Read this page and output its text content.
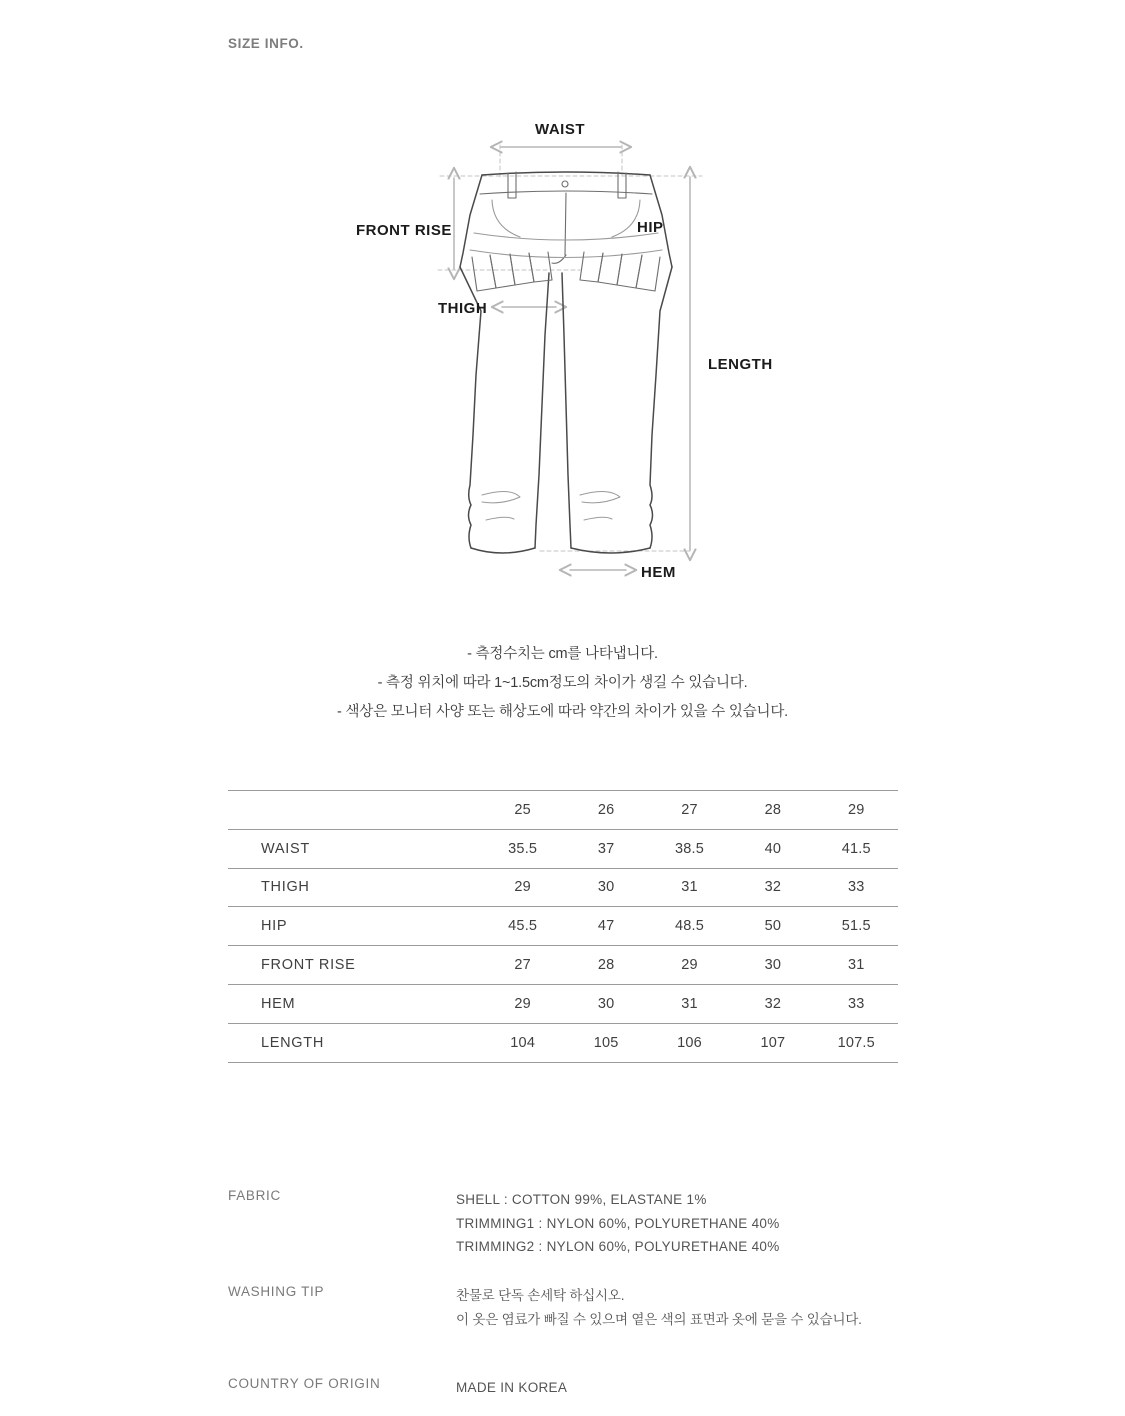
SIZE INFO.
WAIST
FRONT RISE	HIP
THIGH
LENGTH
HEM
- 측정수치는 cm를 나타냅니다.
- 측정 위치에 따라 1~1.5cm정도의 차이가 생길 수 있습니다.
- 색상은 모니터 사양 또는 해상도에 따라 약간의 차이가 있을 수 있습니다.
	25	26	27	28	29
WAIST	35.5	37	38.5	40	41.5
THIGH	29	30	31	32	33
HIP	45.5	47	48.5	50	51.5
FRONT RISE	27	28	29	30	31
HEM	29	30	31	32	33
LENGTH	104	105	106	107	107.5
FABRIC	SHELL : COTTON 99%, ELASTANE 1%
TRIMMING1 : NYLON 60%, POLYURETHANE 40%
TRIMMING2 : NYLON 60%, POLYURETHANE 40%
WASHING TIP	찬물로 단독 손세탁 하십시오.
이 옷은 염료가 빠질 수 있으며 옅은 색의 표면과 옷에 묻을 수 있습니다.
COUNTRY OF ORIGIN	MADE IN KOREA
